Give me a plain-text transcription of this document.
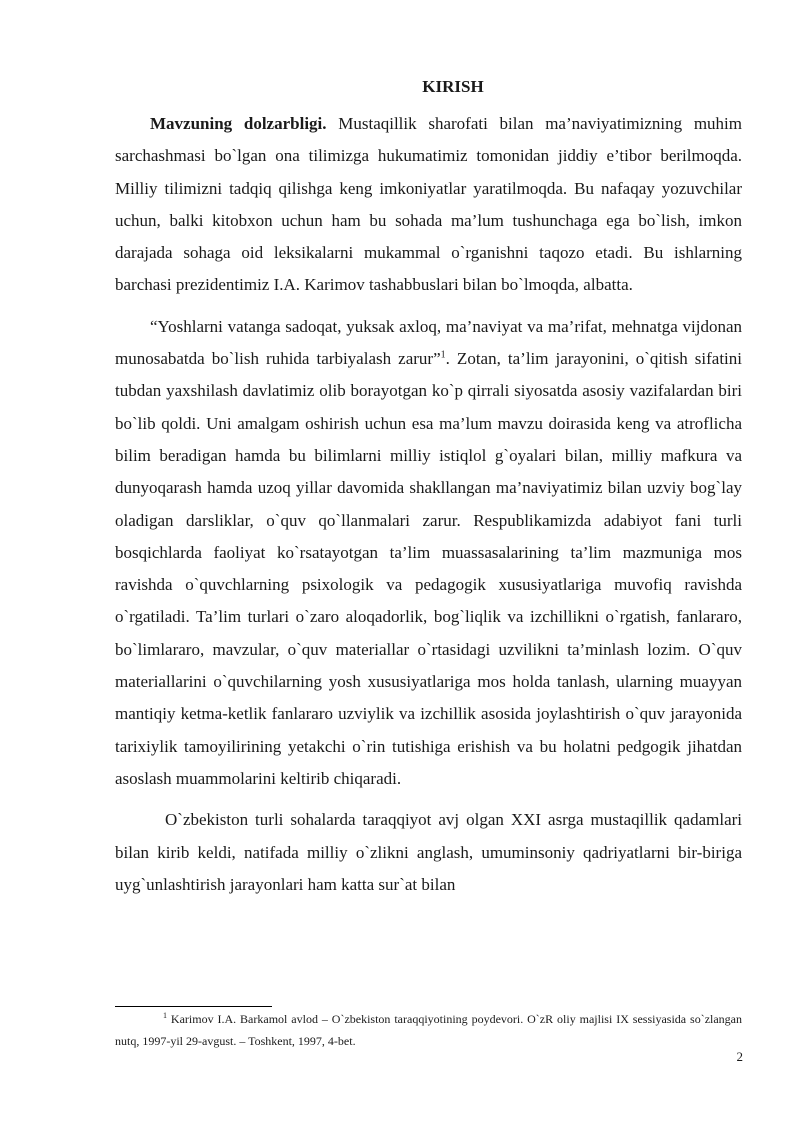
KIRISH

Mavzuning dolzarbligi. Mustaqillik sharofati bilan ma’naviyatimizning muhim sarchashmasi bo`lgan ona tilimizga hukumatimiz tomonidan jiddiy e’tibor berilmoqda. Milliy tilimizni tadqiq qilishga keng imkoniyatlar yaratilmoqda. Bu nafaqay yozuvchilar uchun, balki kitobxon uchun ham bu sohada ma’lum tushunchaga ega bo`lish, imkon darajada sohaga oid leksikalarni mukammal o`rganishni taqozo etadi. Bu ishlarning barchasi prezidentimiz I.A. Karimov tashabbuslari bilan bo`lmoqda, albatta.

“Yoshlarni vatanga sadoqat, yuksak axloq, ma’naviyat va ma’rifat, mehnatga vijdonan munosabatda bo`lish ruhida tarbiyalash zarur”$^1$. Zotan, ta’lim jarayonini, o`qitish sifatini tubdan yaxshilash davlatimiz olib borayotgan ko`p qirrali siyosatda asosiy vazifalardan biri bo`lib qoldi. Uni amalgam oshirish uchun esa ma’lum mavzu doirasida keng va atroflicha bilim beradigan hamda bu bilimlarni milliy istiqlol g`oyalari bilan, milliy mafkura va dunyoqarash hamda uzoq yillar davomida shakllangan ma’naviyatimiz bilan uzviy bog`lay oladigan darsliklar, o`quv qo`llanmalari zarur. Respublikamizda adabiyot fani turli bosqichlarda faoliyat ko`rsatayotgan ta’lim muassasalarining ta’lim mazmuniga mos ravishda o`quvchlarning psixologik va pedagogik xususiyatlariga muvofiq ravishda o`rgatiladi. Ta’lim turlari o`zaro aloqadorlik, bog`liqlik va izchillikni o`rgatish, fanlararo, bo`limlararo, mavzular, o`quv materiallar o`rtasidagi uzvilikni ta’minlash lozim. O`quv materiallarini o`quvchilarning yosh xususiyatlariga mos holda tanlash, ularning muayyan mantiqiy ketma-ketlik fanlararo uzviylik va izchillik asosida joylashtirish o`quv jarayonida tarixiylik tamoyilirining yetakchi o`rin tutishiga erishish va bu holatni pedgogik jihatdan asoslash muammolarini keltirib chiqaradi.

O`zbekiston turli sohalarda taraqqiyot avj olgan XXI asrga mustaqillik qadamlari bilan kirib keldi, natifada milliy o`zlikni anglash, umuminsoniy qadriyatlarni bir-biriga uyg`unlashtirish jarayonlari ham katta sur`at bilan

$^1$ Karimov I.A. Barkamol avlod – O`zbekiston taraqqiyotining poydevori. O`zR oliy majlisi IX sessiyasida so`zlangan nutq, 1997-yil 29-avgust. – Toshkent, 1997, 4-bet.

2
